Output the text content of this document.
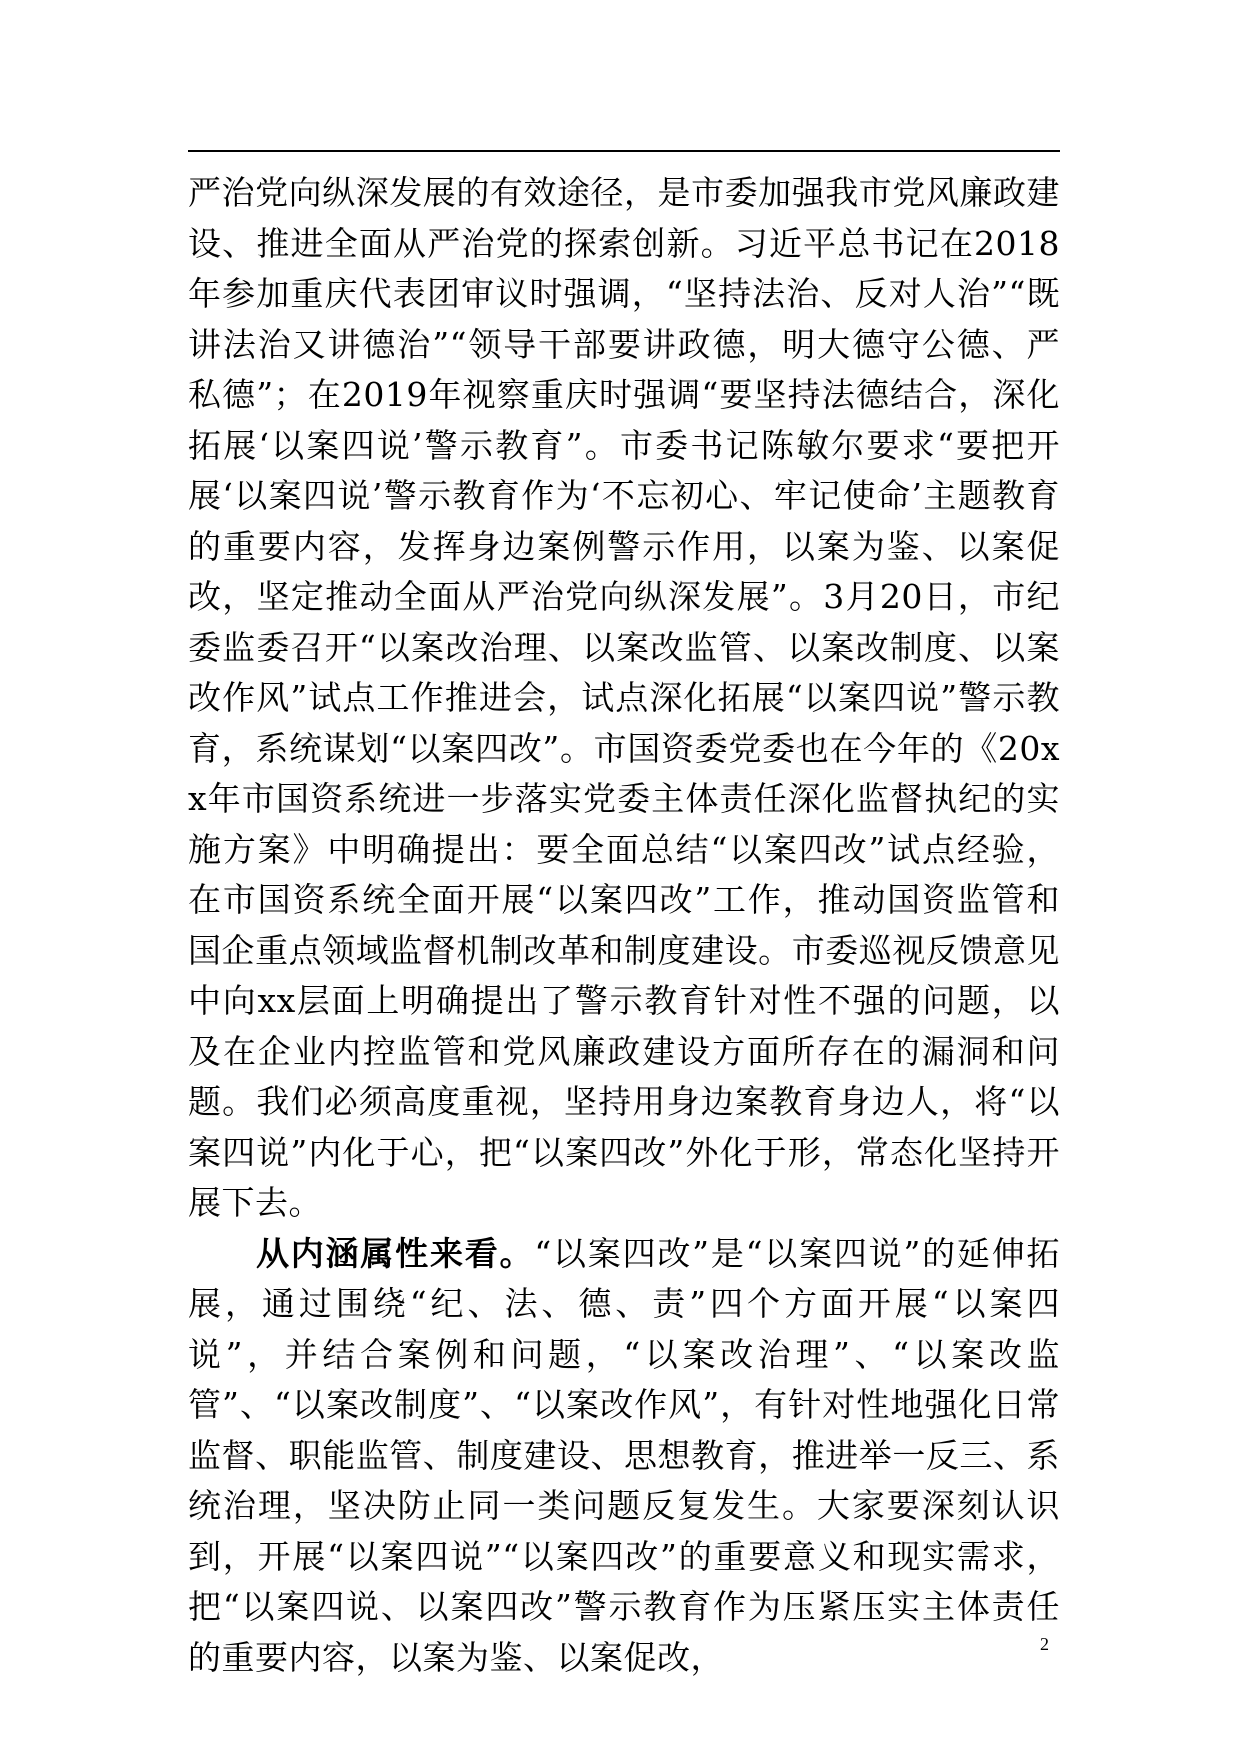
严治党向纵深发展的有效途径，是市委加强我市党风廉政建设、推进全面从严治党的探索创新。习近平总书记在2018年参加重庆代表团审议时强调，“坚持法治、反对人治”“既讲法治又讲德治”“领导干部要讲政德，明大德守公德、严私德”；在2019年视察重庆时强调“要坚持法德结合，深化拓展‘以案四说’警示教育”。市委书记陈敏尔要求“要把开展‘以案四说’警示教育作为‘不忘初心、牢记使命’主题教育的重要内容，发挥身边案例警示作用，以案为鉴、以案促改，坚定推动全面从严治党向纵深发展”。3月20日，市纪委监委召开“以案改治理、以案改监管、以案改制度、以案改作风”试点工作推进会，试点深化拓展“以案四说”警示教育，系统谋划“以案四改”。市国资委党委也在今年的《20xx年市国资系统进一步落实党委主体责任深化监督执纪的实施方案》中明确提出：要全面总结“以案四改”试点经验，在市国资系统全面开展“以案四改”工作，推动国资监管和国企重点领域监督机制改革和制度建设。市委巡视反馈意见中向xx层面上明确提出了警示教育针对性不强的问题，以及在企业内控监管和党风廉政建设方面所存在的漏洞和问题。我们必须高度重视，坚持用身边案教育身边人，将“以案四说”内化于心，把“以案四改”外化于形，常态化坚持开展下去。

从内涵属性来看。“以案四改”是“以案四说”的延伸拓展，通过围绕“纪、法、德、责”四个方面开展“以案四说”，并结合案例和问题，“以案改治理”、“以案改监管”、“以案改制度”、“以案改作风”，有针对性地强化日常监督、职能监管、制度建设、思想教育，推进举一反三、系统治理，坚决防止同一类问题反复发生。大家要深刻认识到，开展“以案四说”“以案四改”的重要意义和现实需求，把“以案四说、以案四改”警示教育作为压紧压实主体责任的重要内容，以案为鉴、以案促改，	2
